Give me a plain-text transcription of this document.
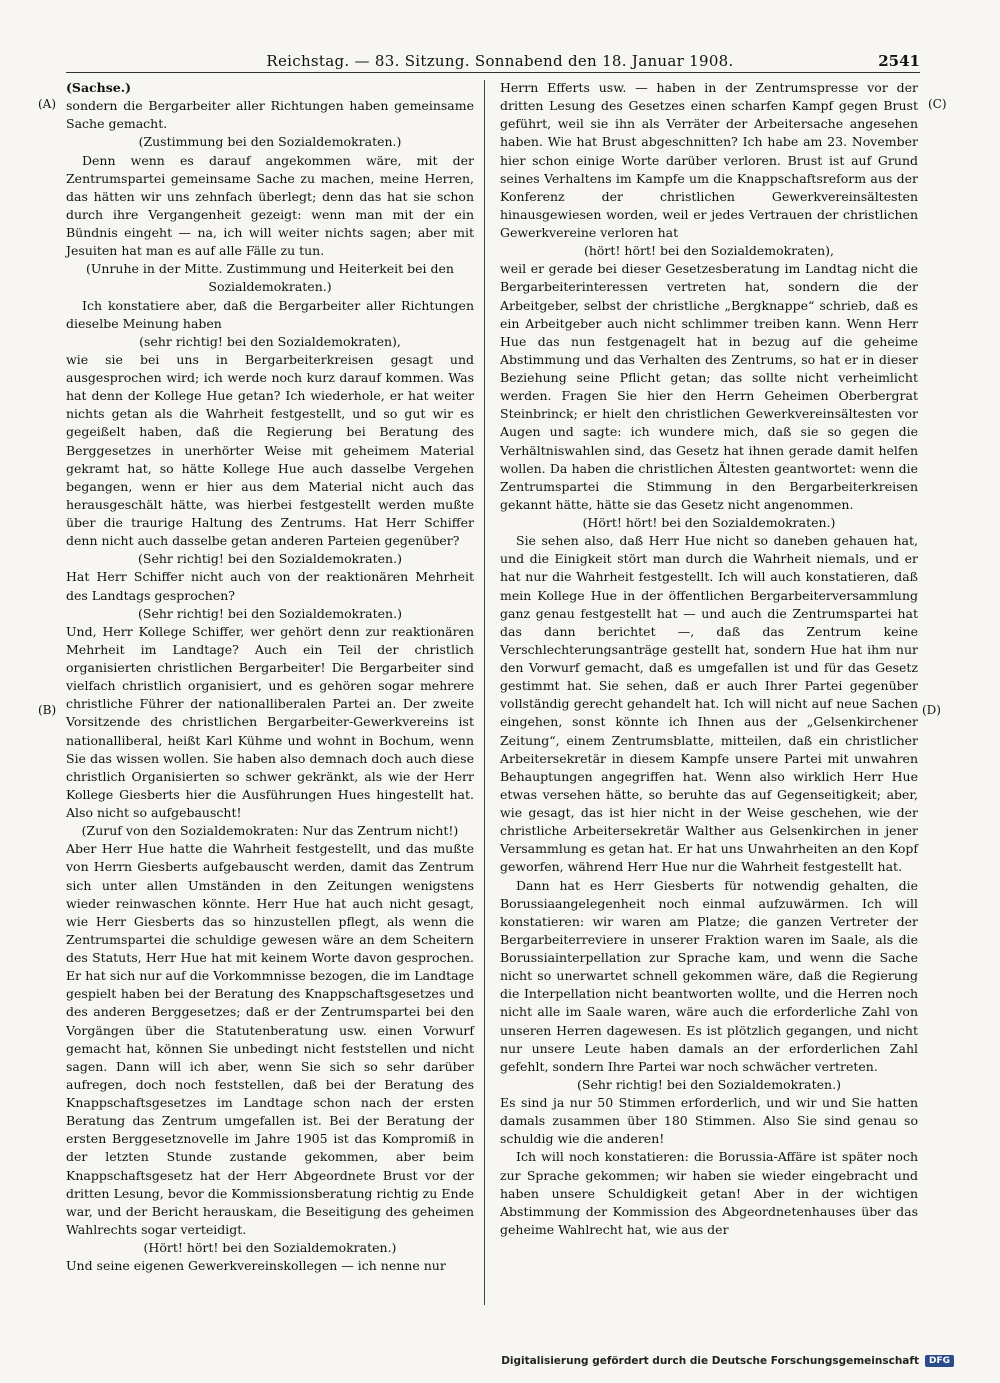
Reichstag. — 83. Sitzung. Sonnabend den 18. Januar 1908.	2541
(A)
(B)
(C)
(D)

(Sachse.)

sondern die Bergarbeiter aller Richtungen haben gemeinsame Sache gemacht.

(Zustimmung bei den Sozialdemokraten.)

Denn wenn es darauf angekommen wäre, mit der Zentrumspartei gemeinsame Sache zu machen, meine Herren, das hätten wir uns zehnfach überlegt; denn das hat sie schon durch ihre Vergangenheit gezeigt: wenn man mit der ein Bündnis eingeht — na, ich will weiter nichts sagen; aber mit Jesuiten hat man es auf alle Fälle zu tun.

(Unruhe in der Mitte. Zustimmung und Heiterkeit bei den Sozialdemokraten.)

Ich konstatiere aber, daß die Bergarbeiter aller Richtungen dieselbe Meinung haben

(sehr richtig! bei den Sozialdemokraten),

wie sie bei uns in Bergarbeiterkreisen gesagt und ausgesprochen wird; ich werde noch kurz darauf kommen. Was hat denn der Kollege Hue getan? Ich wiederhole, er hat weiter nichts getan als die Wahrheit festgestellt, und so gut wir es gegeißelt haben, daß die Regierung bei Beratung des Berggesetzes in unerhörter Weise mit geheimem Material gekramt hat, so hätte Kollege Hue auch dasselbe Vergehen begangen, wenn er hier aus dem Material nicht auch das herausgeschält hätte, was hierbei festgestellt werden mußte über die traurige Haltung des Zentrums. Hat Herr Schiffer denn nicht auch dasselbe getan anderen Parteien gegenüber?

(Sehr richtig! bei den Sozialdemokraten.)

Hat Herr Schiffer nicht auch von der reaktionären Mehrheit des Landtags gesprochen?

(Sehr richtig! bei den Sozialdemokraten.)

Und, Herr Kollege Schiffer, wer gehört denn zur reaktionären Mehrheit im Landtage? Auch ein Teil der christlich organisierten christlichen Bergarbeiter! Die Bergarbeiter sind vielfach christlich organisiert, und es gehören sogar mehrere christliche Führer der nationalliberalen Partei an. Der zweite Vorsitzende des christlichen Bergarbeiter-Gewerkvereins ist nationalliberal, heißt Karl Kühme und wohnt in Bochum, wenn Sie das wissen wollen. Sie haben also demnach doch auch diese christlich Organisierten so schwer gekränkt, als wie der Herr Kollege Giesberts hier die Ausführungen Hues hingestellt hat. Also nicht so aufgebauscht!

(Zuruf von den Sozialdemokraten: Nur das Zentrum nicht!)

Aber Herr Hue hatte die Wahrheit festgestellt, und das mußte von Herrn Giesberts aufgebauscht werden, damit das Zentrum sich unter allen Umständen in den Zeitungen wenigstens wieder reinwaschen könnte. Herr Hue hat auch nicht gesagt, wie Herr Giesberts das so hinzustellen pflegt, als wenn die Zentrumspartei die schuldige gewesen wäre an dem Scheitern des Statuts, Herr Hue hat mit keinem Worte davon gesprochen. Er hat sich nur auf die Vorkommnisse bezogen, die im Landtage gespielt haben bei der Beratung des Knappschaftsgesetzes und des anderen Berggesetzes; daß er der Zentrumspartei bei den Vorgängen über die Statutenberatung usw. einen Vorwurf gemacht hat, können Sie unbedingt nicht feststellen und nicht sagen. Dann will ich aber, wenn Sie sich so sehr darüber aufregen, doch noch feststellen, daß bei der Beratung des Knappschaftsgesetzes im Landtage schon nach der ersten Beratung das Zentrum umgefallen ist. Bei der Beratung der ersten Berggesetznovelle im Jahre 1905 ist das Kompromiß in der letzten Stunde zustande gekommen, aber beim Knappschaftsgesetz hat der Herr Abgeordnete Brust vor der dritten Lesung, bevor die Kommissionsberatung richtig zu Ende war, und der Bericht herauskam, die Beseitigung des geheimen Wahlrechts sogar verteidigt.

(Hört! hört! bei den Sozialdemokraten.)

Und seine eigenen Gewerkvereinskollegen — ich nenne nur

Herrn Efferts usw. — haben in der Zentrumspresse vor der dritten Lesung des Gesetzes einen scharfen Kampf gegen Brust geführt, weil sie ihn als Verräter der Arbeitersache angesehen haben. Wie hat Brust abgeschnitten? Ich habe am 23. November hier schon einige Worte darüber verloren. Brust ist auf Grund seines Verhaltens im Kampfe um die Knappschaftsreform aus der Konferenz der christlichen Gewerkvereinsältesten hinausgewiesen worden, weil er jedes Vertrauen der christlichen Gewerkvereine verloren hat

(hört! hört! bei den Sozialdemokraten),

weil er gerade bei dieser Gesetzesberatung im Landtag nicht die Bergarbeiterinteressen vertreten hat, sondern die der Arbeitgeber, selbst der christliche „Bergknappe“ schrieb, daß es ein Arbeitgeber auch nicht schlimmer treiben kann. Wenn Herr Hue das nun festgenagelt hat in bezug auf die geheime Abstimmung und das Verhalten des Zentrums, so hat er in dieser Beziehung seine Pflicht getan; das sollte nicht verheimlicht werden. Fragen Sie hier den Herrn Geheimen Oberbergrat Steinbrinck; er hielt den christlichen Gewerkvereinsältesten vor Augen und sagte: ich wundere mich, daß sie so gegen die Verhältniswahlen sind, das Gesetz hat ihnen gerade damit helfen wollen. Da haben die christlichen Ältesten geantwortet: wenn die Zentrumspartei die Stimmung in den Bergarbeiterkreisen gekannt hätte, hätte sie das Gesetz nicht angenommen.

(Hört! hört! bei den Sozialdemokraten.)

Sie sehen also, daß Herr Hue nicht so daneben gehauen hat, und die Einigkeit stört man durch die Wahrheit niemals, und er hat nur die Wahrheit festgestellt. Ich will auch konstatieren, daß mein Kollege Hue in der öffentlichen Bergarbeiterversammlung ganz genau festgestellt hat — und auch die Zentrumspartei hat das dann berichtet —, daß das Zentrum keine Verschlechterungsanträge gestellt hat, sondern Hue hat ihm nur den Vorwurf gemacht, daß es umgefallen ist und für das Gesetz gestimmt hat. Sie sehen, daß er auch Ihrer Partei gegenüber vollständig gerecht gehandelt hat. Ich will nicht auf neue Sachen eingehen, sonst könnte ich Ihnen aus der „Gelsenkirchener Zeitung“, einem Zentrumsblatte, mitteilen, daß ein christlicher Arbeitersekretär in diesem Kampfe unsere Partei mit unwahren Behauptungen angegriffen hat. Wenn also wirklich Herr Hue etwas versehen hätte, so beruhte das auf Gegenseitigkeit; aber, wie gesagt, das ist hier nicht in der Weise geschehen, wie der christliche Arbeitersekretär Walther aus Gelsenkirchen in jener Versammlung es getan hat. Er hat uns Unwahrheiten an den Kopf geworfen, während Herr Hue nur die Wahrheit festgestellt hat.

Dann hat es Herr Giesberts für notwendig gehalten, die Borussiaangelegenheit noch einmal aufzuwärmen. Ich will konstatieren: wir waren am Platze; die ganzen Vertreter der Bergarbeiterreviere in unserer Fraktion waren im Saale, als die Borussiainterpellation zur Sprache kam, und wenn die Sache nicht so unerwartet schnell gekommen wäre, daß die Regierung die Interpellation nicht beantworten wollte, und die Herren noch nicht alle im Saale waren, wäre auch die erforderliche Zahl von unseren Herren dagewesen. Es ist plötzlich gegangen, und nicht nur unsere Leute haben damals an der erforderlichen Zahl gefehlt, sondern Ihre Partei war noch schwächer vertreten.

(Sehr richtig! bei den Sozialdemokraten.)

Es sind ja nur 50 Stimmen erforderlich, und wir und Sie hatten damals zusammen über 180 Stimmen. Also Sie sind genau so schuldig wie die anderen!

Ich will noch konstatieren: die Borussia-Affäre ist später noch zur Sprache gekommen; wir haben sie wieder eingebracht und haben unsere Schuldigkeit getan! Aber in der wichtigen Abstimmung der Kommission des Abgeordnetenhauses über das geheime Wahlrecht hat, wie aus der

Digitalisierung gefördert durch die Deutsche Forschungsgemeinschaft	DFG
